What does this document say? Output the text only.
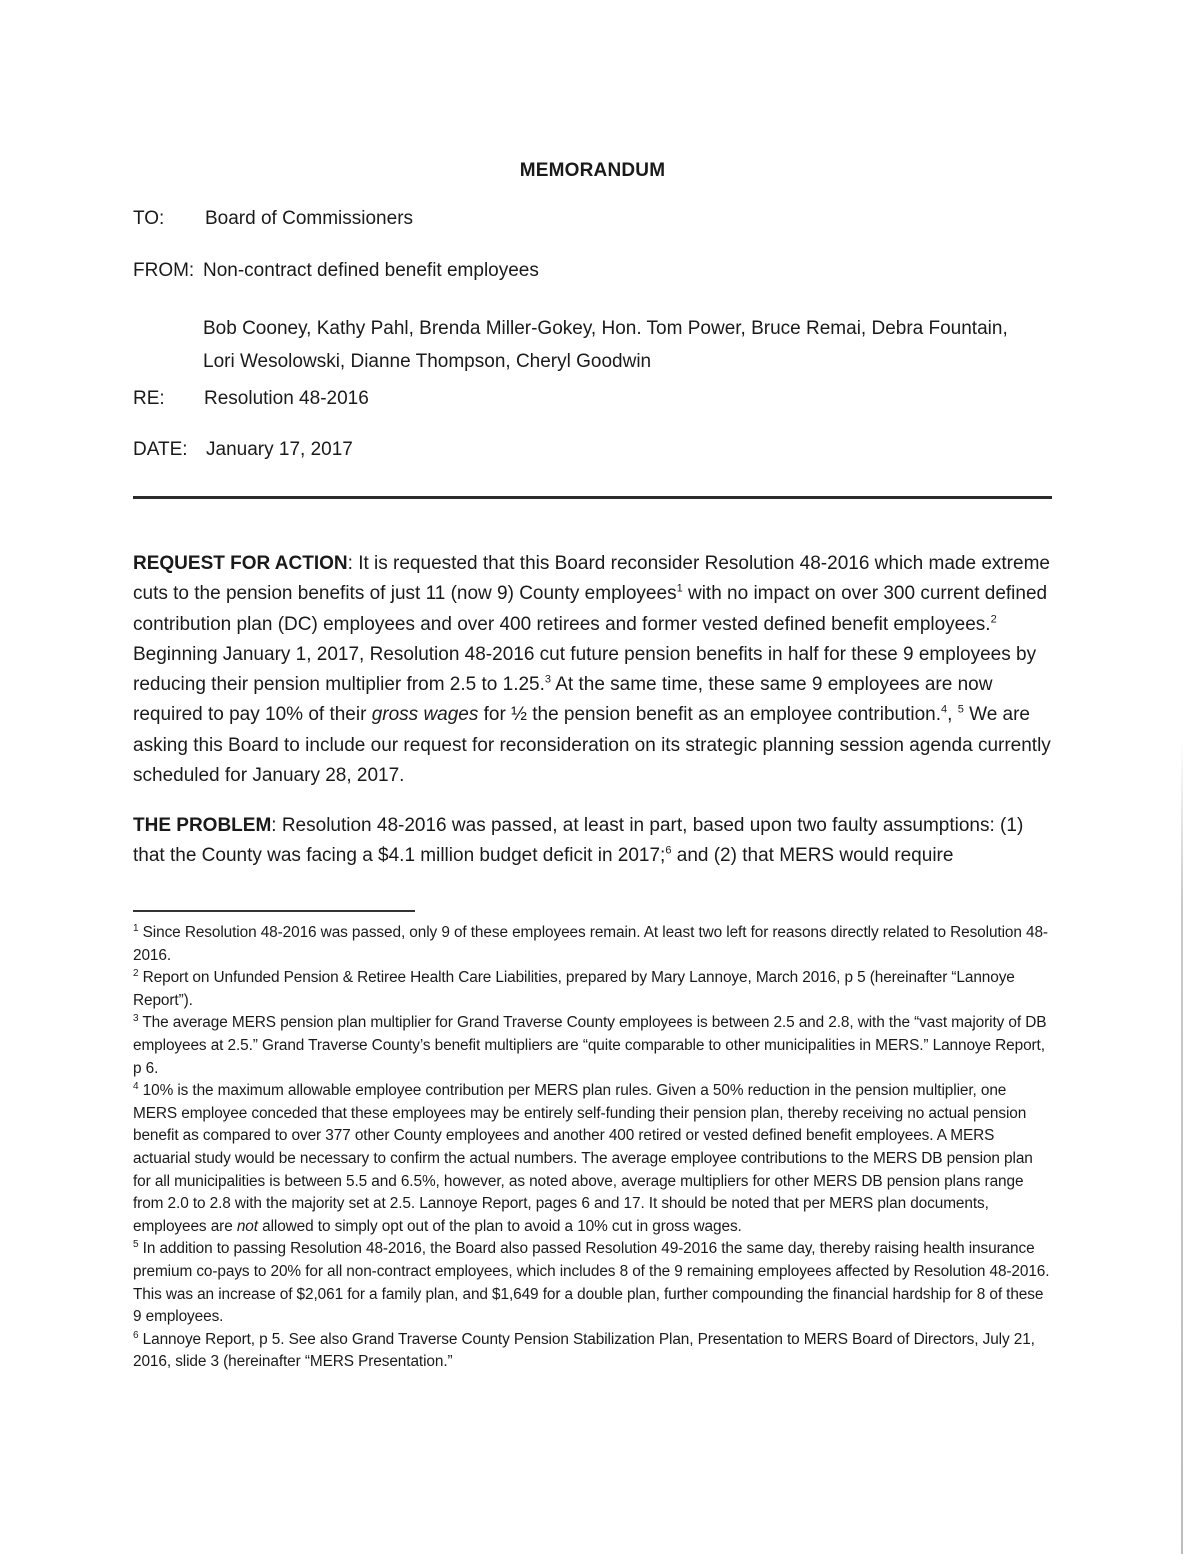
MEMORANDUM
TO: Board of Commissioners
FROM: Non-contract defined benefit employees
Bob Cooney, Kathy Pahl, Brenda Miller-Gokey, Hon. Tom Power, Bruce Remai, Debra Fountain,
Lori Wesolowski, Dianne Thompson, Cheryl Goodwin
RE: Resolution 48-2016
DATE: January 17, 2017

REQUEST FOR ACTION: It is requested that this Board reconsider Resolution 48-2016 which made extreme cuts to the pension benefits of just 11 (now 9) County employees$^1$ with no impact on over 300 current defined contribution plan (DC) employees and over 400 retirees and former vested defined benefit employees.$^2$ Beginning January 1, 2017, Resolution 48-2016 cut future pension benefits in half for these 9 employees by reducing their pension multiplier from 2.5 to 1.25.$^3$ At the same time, these same 9 employees are now required to pay 10% of their gross wages for ½ the pension benefit as an employee contribution.$^4$, $^5$ We are asking this Board to include our request for reconsideration on its strategic planning session agenda currently scheduled for January 28, 2017.

THE PROBLEM: Resolution 48-2016 was passed, at least in part, based upon two faulty assumptions: (1) that the County was facing a $4.1 million budget deficit in 2017;$^6$ and (2) that MERS would require

$^1$ Since Resolution 48-2016 was passed, only 9 of these employees remain. At least two left for reasons directly related to Resolution 48-2016.

$^2$ Report on Unfunded Pension & Retiree Health Care Liabilities, prepared by Mary Lannoye, March 2016, p 5 (hereinafter “Lannoye Report”).

$^3$ The average MERS pension plan multiplier for Grand Traverse County employees is between 2.5 and 2.8, with the “vast majority of DB employees at 2.5.” Grand Traverse County’s benefit multipliers are “quite comparable to other municipalities in MERS.” Lannoye Report, p 6.

$^4$ 10% is the maximum allowable employee contribution per MERS plan rules. Given a 50% reduction in the pension multiplier, one MERS employee conceded that these employees may be entirely self-funding their pension plan, thereby receiving no actual pension benefit as compared to over 377 other County employees and another 400 retired or vested defined benefit employees. A MERS actuarial study would be necessary to confirm the actual numbers. The average employee contributions to the MERS DB pension plan for all municipalities is between 5.5 and 6.5%, however, as noted above, average multipliers for other MERS DB pension plans range from 2.0 to 2.8 with the majority set at 2.5. Lannoye Report, pages 6 and 17. It should be noted that per MERS plan documents, employees are not allowed to simply opt out of the plan to avoid a 10% cut in gross wages.

$^5$ In addition to passing Resolution 48-2016, the Board also passed Resolution 49-2016 the same day, thereby raising health insurance premium co-pays to 20% for all non-contract employees, which includes 8 of the 9 remaining employees affected by Resolution 48-2016. This was an increase of $2,061 for a family plan, and $1,649 for a double plan, further compounding the financial hardship for 8 of these 9 employees.

$^6$ Lannoye Report, p 5. See also Grand Traverse County Pension Stabilization Plan, Presentation to MERS Board of Directors, July 21, 2016, slide 3 (hereinafter “MERS Presentation.”
